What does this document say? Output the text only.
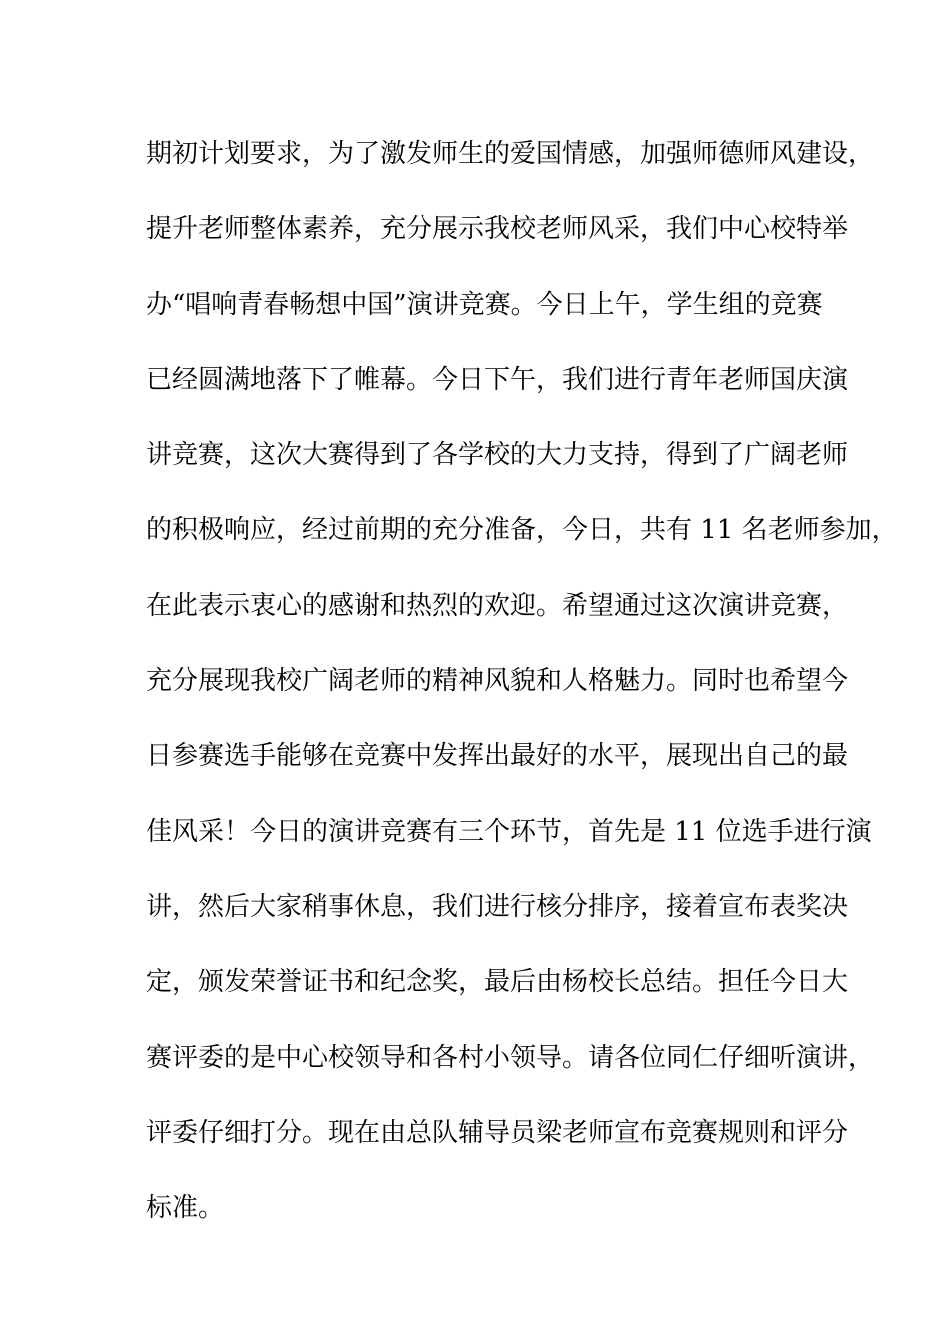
期初计划要求，为了激发师生的爱国情感，加强师德师风建设，
提升老师整体素养，充分展示我校老师风采，我们中心校特举
办“唱响青春畅想中国”演讲竞赛。今日上午，学生组的竞赛
已经圆满地落下了帷幕。今日下午，我们进行青年老师国庆演
讲竞赛，这次大赛得到了各学校的大力支持，得到了广阔老师
的积极响应，经过前期的充分准备，今日，共有 11 名老师参加，
在此表示衷心的感谢和热烈的欢迎。希望通过这次演讲竞赛，
充分展现我校广阔老师的精神风貌和人格魅力。同时也希望今
日参赛选手能够在竞赛中发挥出最好的水平，展现出自己的最
佳风采！今日的演讲竞赛有三个环节，首先是 11 位选手进行演
讲，然后大家稍事休息，我们进行核分排序，接着宣布表奖决
定，颁发荣誉证书和纪念奖，最后由杨校长总结。担任今日大
赛评委的是中心校领导和各村小领导。请各位同仁仔细听演讲，
评委仔细打分。现在由总队辅导员梁老师宣布竞赛规则和评分
标准。
